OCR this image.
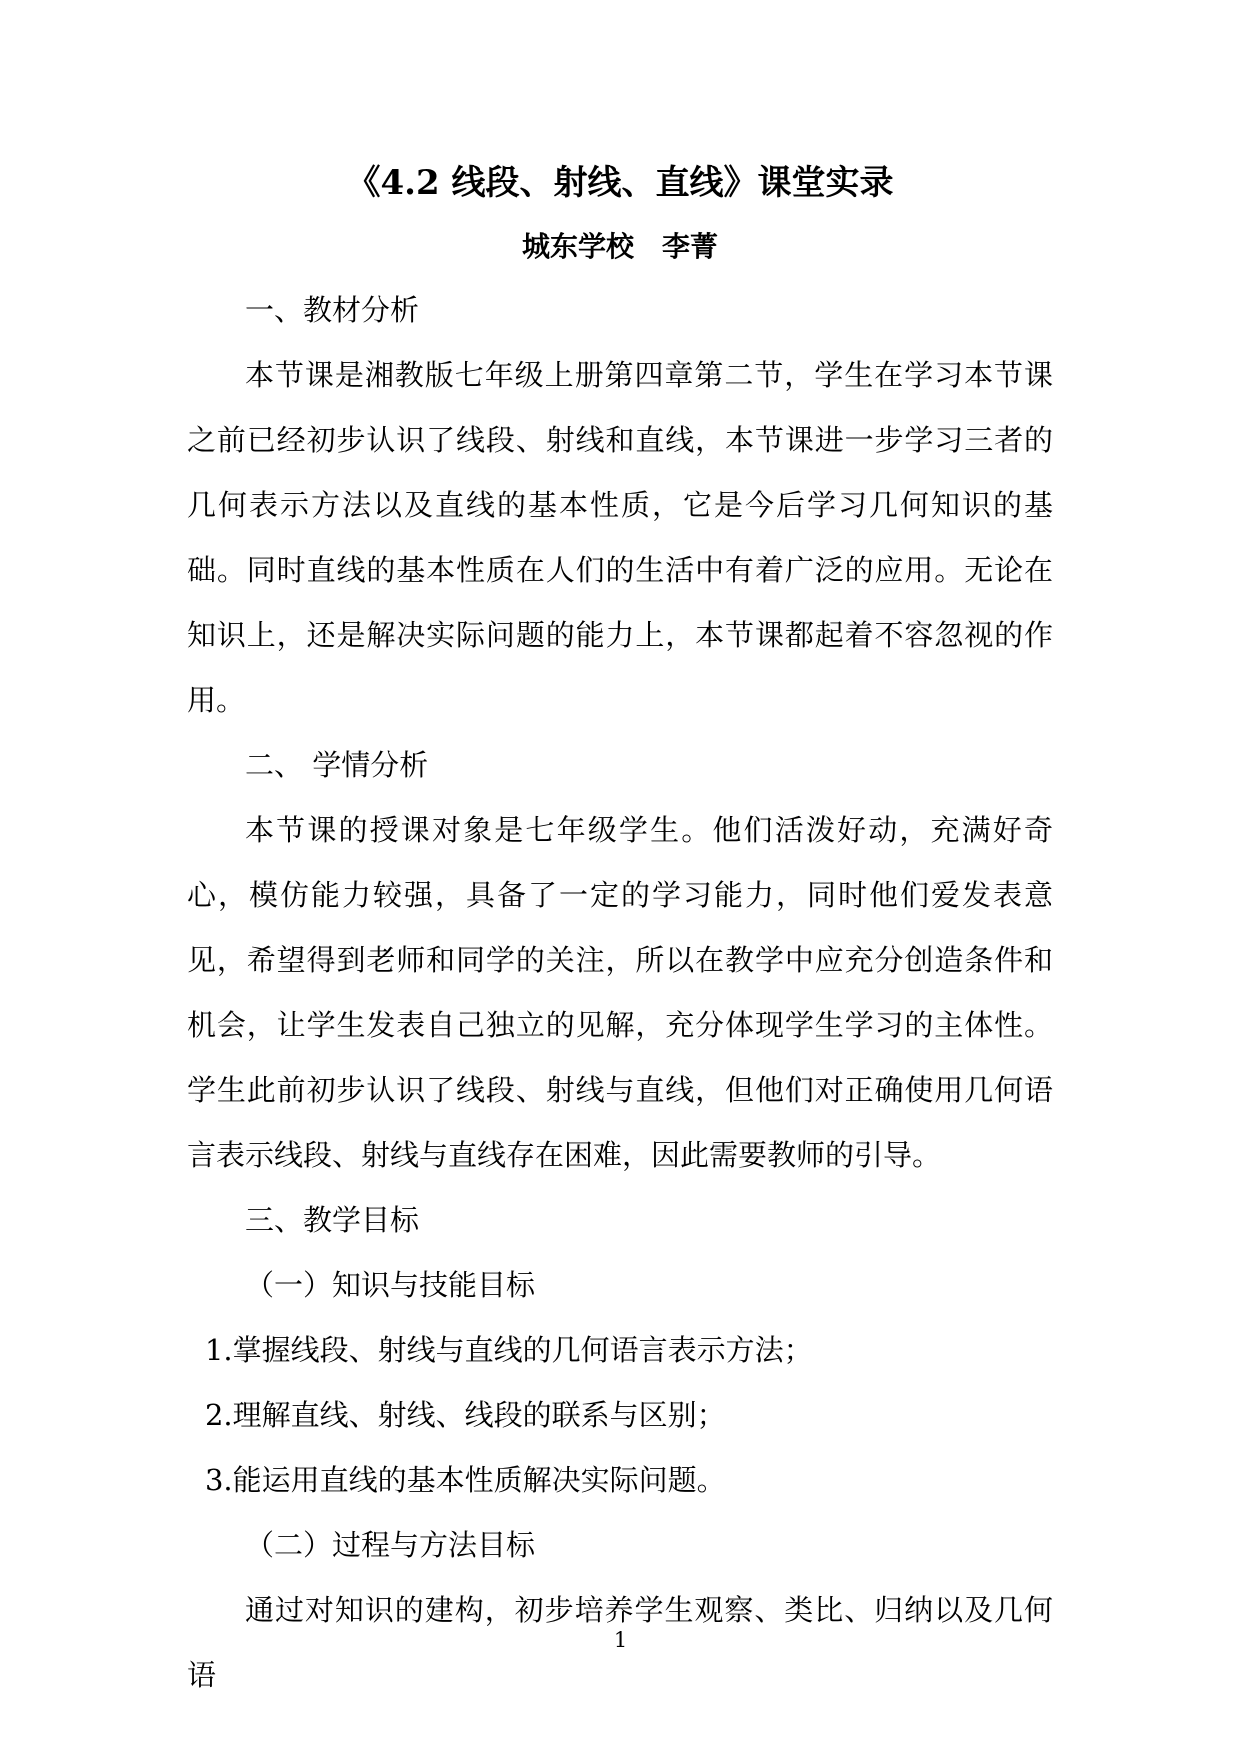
《4.2 线段、射线、直线》课堂实录
城东学校　李菁

一、教材分析

本节课是湘教版七年级上册第四章第二节，学生在学习本节课之前已经初步认识了线段、射线和直线，本节课进一步学习三者的几何表示方法以及直线的基本性质，它是今后学习几何知识的基础。同时直线的基本性质在人们的生活中有着广泛的应用。无论在知识上，还是解决实际问题的能力上，本节课都起着不容忽视的作用。

二、 学情分析

本节课的授课对象是七年级学生。他们活泼好动，充满好奇心，模仿能力较强，具备了一定的学习能力，同时他们爱发表意见，希望得到老师和同学的关注，所以在教学中应充分创造条件和机会，让学生发表自己独立的见解，充分体现学生学习的主体性。学生此前初步认识了线段、射线与直线，但他们对正确使用几何语言表示线段、射线与直线存在困难，因此需要教师的引导。

三、教学目标

（一）知识与技能目标

1.掌握线段、射线与直线的几何语言表示方法；

2.理解直线、射线、线段的联系与区别；

3.能运用直线的基本性质解决实际问题。

（二）过程与方法目标

通过对知识的建构，初步培养学生观察、类比、归纳以及几何语

1
